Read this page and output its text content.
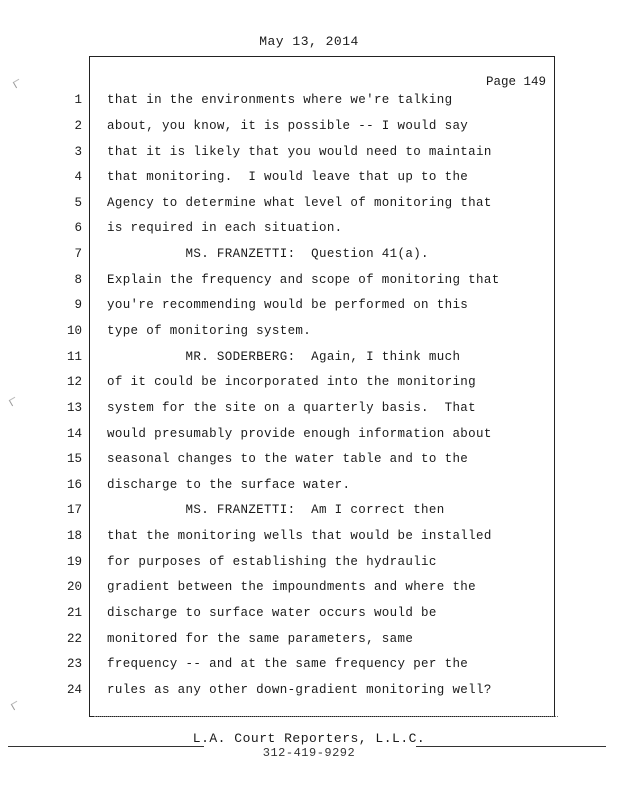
May 13, 2014
Page 149
1 that in the environments where we're talking
2 about, you know, it is possible -- I would say
3 that it is likely that you would need to maintain
4 that monitoring.  I would leave that up to the
5 Agency to determine what level of monitoring that
6 is required in each situation.
7 MS. FRANZETTI:  Question 41(a).
8 Explain the frequency and scope of monitoring that
9 you're recommending would be performed on this
10 type of monitoring system.
11 MR. SODERBERG:  Again, I think much
12 of it could be incorporated into the monitoring
13 system for the site on a quarterly basis.  That
14 would presumably provide enough information about
15 seasonal changes to the water table and to the
16 discharge to the surface water.
17 MS. FRANZETTI:  Am I correct then
18 that the monitoring wells that would be installed
19 for purposes of establishing the hydraulic
20 gradient between the impoundments and where the
21 discharge to surface water occurs would be
22 monitored for the same parameters, same
23 frequency -- and at the same frequency per the
24 rules as any other down-gradient monitoring well?
L.A. Court Reporters, L.L.C.
312-419-9292
